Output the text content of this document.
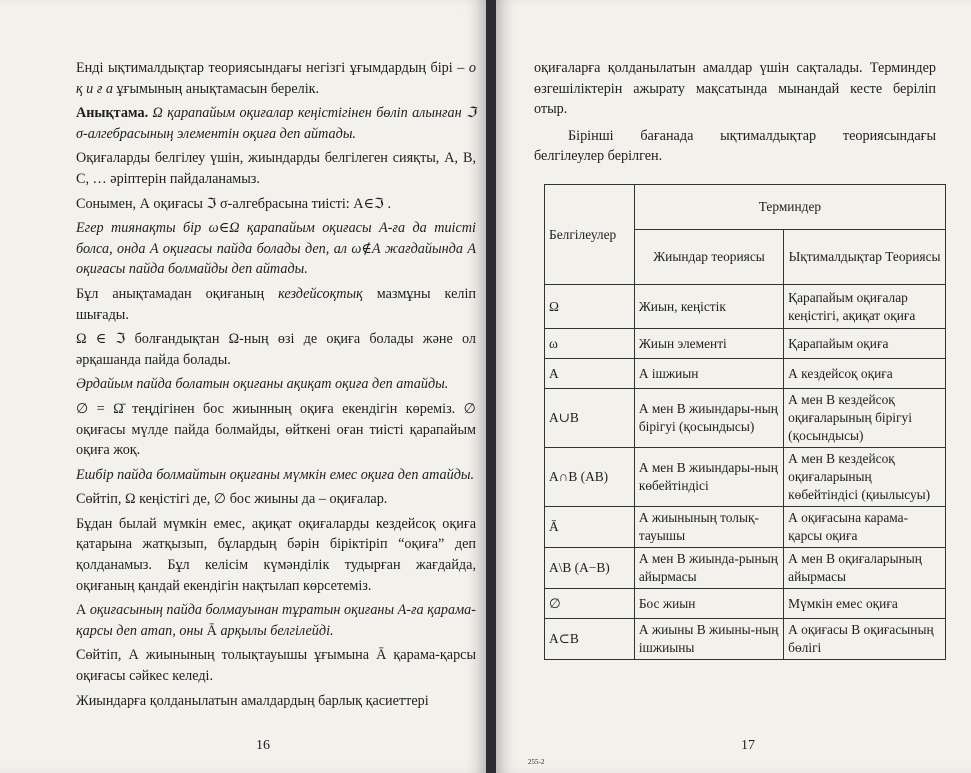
Енді ықтималдықтар теориясындағы негізгі ұғымдардың бірі – о қ и ғ а ұғымының анықтамасын берелік.

Анықтама. Ω қарапайым оқиғалар кеңістігінен бөліп алынған ℑ σ-алгебрасының элементін оқиға деп айтады.

Оқиғаларды белгілеу үшін, жиындарды белгілеген сияқты, А, В, С, … әріптерін пайдаланамыз.

Сонымен, А оқиғасы ℑ σ-алгебрасына тиісті: А∈ℑ .

Егер тиянақты бір ω∈Ω қарапайым оқиғасы А-ға да тиісті болса, онда А оқиғасы пайда болады деп, ал ω∉А жағдайында А оқиғасы пайда болмайды деп айтады.

Бұл анықтамадан оқиғаның кездейсоқтық мазмұны келіп шығады.

Ω ∈ ℑ болғандықтан Ω-ның өзі де оқиға болады және ол әрқашанда пайда болады.

Әрдайым пайда болатын оқиғаны ақиқат оқиға деп атайды.

∅ = Ω̄ теңдігінен бос жиынның оқиға екендігін көреміз. ∅ оқиғасы мүлде пайда болмайды, өйткені оған тиісті қарапайым оқиға жоқ.

Ешбір пайда болмайтын оқиғаны мүмкін емес оқиға деп атайды.

Сөйтіп, Ω кеңістігі де, ∅ бос жиыны да – оқиғалар.

Бұдан былай мүмкін емес, ақиқат оқиғаларды кездейсоқ оқиға қатарына жатқызып, бұлардың бәрін біріктіріп “оқиға” деп қолданамыз. Бұл келісім күмәнділік тудырған жағдайда, оқиғаның қандай екендігін нақтылап көрсетеміз.

А оқиғасының пайда болмауынан тұратын оқиғаны А-ға қарама-қарсы деп атап, оны Ā арқылы белгілейді.

Сөйтіп, А жиынының толықтауышы ұғымына Ā қарама-қарсы оқиғасы сәйкес келеді.

Жиындарға қолданылатын амалдардың барлық қасиеттері

16

оқиғаларға қолданылатын амалдар үшін сақталады. Терминдер өзгешіліктерін ажырату мақсатында мынандай кесте беріліп отыр.

Бірінші бағанада ықтималдықтар теориясындағы белгілеулер берілген.

Белгілеулер	Терминдер	
	Жиындар теориясы	Ықтималдықтар Теориясы
Ω	Жиын, кеңістік	Қарапайым оқиғалар кеңістігі, ақиқат оқиға
ω	Жиын элементі	Қарапайым оқиға
A	А ішжиын	А кездейсоқ оқиға
A∪B	А мен В жиындары-ның бірігуі (қосындысы)	А мен В кездейсоқ оқиғаларының бірігуі (қосындысы)
A∩B (AB)	А мен В жиындары-ның көбейтіндісі	А мен В кездейсоқ оқиғаларының көбейтіндісі (қиылысуы)
Ā	А жиынының толық-тауышы	А оқиғасына карама-қарсы оқиға
A\B (A−B)	А мен В жиында-рының айырмасы	А мен В оқиғаларының айырмасы
∅	Бос жиын	Мүмкін емес оқиға
A⊂B	А жиыны В жиыны-ның ішжиыны	А оқиғасы В оқиғасының бөлігі
17
255-2
